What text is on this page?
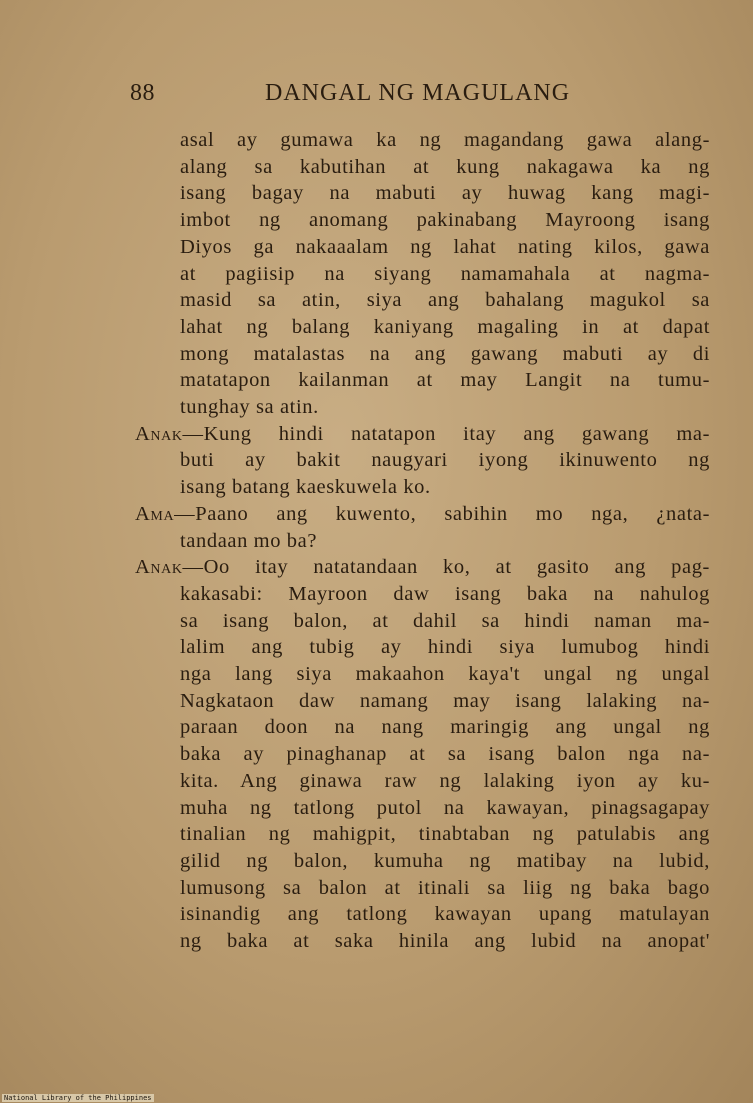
88	DANGAL NG MAGULANG
asal ay gumawa ka ng magandang gawa alang-
alang sa kabutihan at kung nakagawa ka ng
isang bagay na mabuti ay huwag kang magi-
imbot ng anomang pakinabang Mayroong isang
Diyos ga nakaaalam ng lahat nating kilos, gawa
at pagiisip na siyang namamahala at nagma-
masid sa atin, siya ang bahalang magukol sa
lahat ng balang kaniyang magaling in at dapat
mong matalastas na ang gawang mabuti ay di
matatapon kailanman at may Langit na tumu-
tunghay sa atin.
Anak—Kung hindi natatapon itay ang gawang ma-
buti ay bakit naugyari iyong ikinuwento ng
isang batang kaeskuwela ko.
Ama—Paano ang kuwento, sabihin mo nga, ¿nata-
tandaan mo ba?
Anak—Oo itay natatandaan ko, at gasito ang pag-
kakasabi: Mayroon daw isang baka na nahulog
sa isang balon, at dahil sa hindi naman ma-
lalim ang tubig ay hindi siya lumubog hindi
nga lang siya makaahon kaya't ungal ng ungal
Nagkataon daw namang may isang lalaking na-
paraan doon na nang maringig ang ungal ng
baka ay pinaghanap at sa isang balon nga na-
kita. Ang ginawa raw ng lalaking iyon ay ku-
muha ng tatlong putol na kawayan, pinagsagapay
tinalian ng mahigpit, tinabtaban ng patulabis ang
gilid ng balon, kumuha ng matibay na lubid,
lumusong sa balon at itinali sa liig ng baka bago
isinandig ang tatlong kawayan upang matulayan
ng baka at saka hinila ang lubid na anopat'
National Library of the Philippines
